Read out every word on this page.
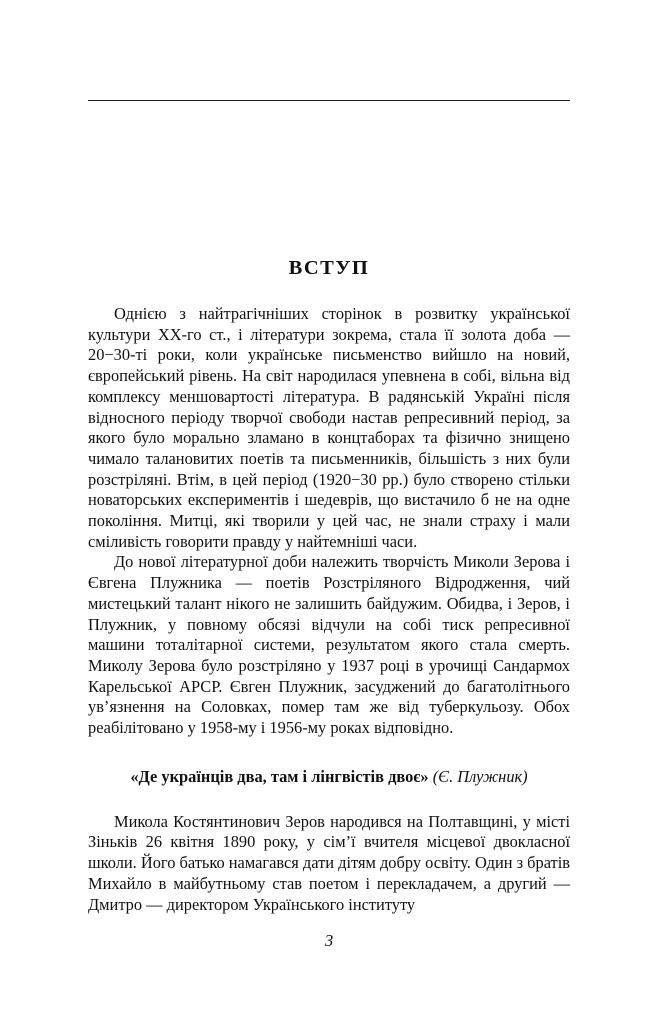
ВСТУП

Однією з найтрагічніших сторінок в розвитку української культури ХХ-го ст., і літератури зокрема, стала її золота доба — 20−30-ті роки, коли українське письменство вийшло на новий, європейський рівень. На світ народилася упевнена в собі, вільна від комплексу меншовартості література. В радянській Україні після відносного періоду творчої свободи настав репресивний період, за якого було морально зламано в концтаборах та фізично знищено чимало талановитих поетів та письменників, більшість з них були розстріляні. Втім, в цей період (1920−30 рр.) було створено стільки новаторських експериментів і шедеврів, що вистачило б не на одне покоління. Митці, які творили у цей час, не знали страху і мали сміливість говорити правду у найтемніші часи.

До нової літературної доби належить творчість Миколи Зерова і Євгена Плужника — поетів Розстріляного Відродження, чий мистецький талант нікого не залишить байдужим. Обидва, і Зеров, і Плужник, у повному обсязі відчули на собі тиск репресивної машини тоталітарної системи, результатом якого стала смерть. Миколу Зерова було розстріляно у 1937 році в урочищі Сандармох Карельської АРСР. Євген Плужник, засуджений до багатолітнього ув’язнення на Соловках, помер там же від туберкульозу. Обох реабілітовано у 1958-му і 1956-му роках відповідно.

«Де українців два, там і лінгвістів двоє» (Є. Плужник)

Микола Костянтинович Зеров народився на Полтавщині, у місті Зіньків 26 квітня 1890 року, у сім’ї вчителя місцевої двокласної школи. Його батько намагався дати дітям добру освіту. Один з братів Михайло в майбутньому став поетом і перекладачем, а другий — Дмитро — директором Українського інституту

3
